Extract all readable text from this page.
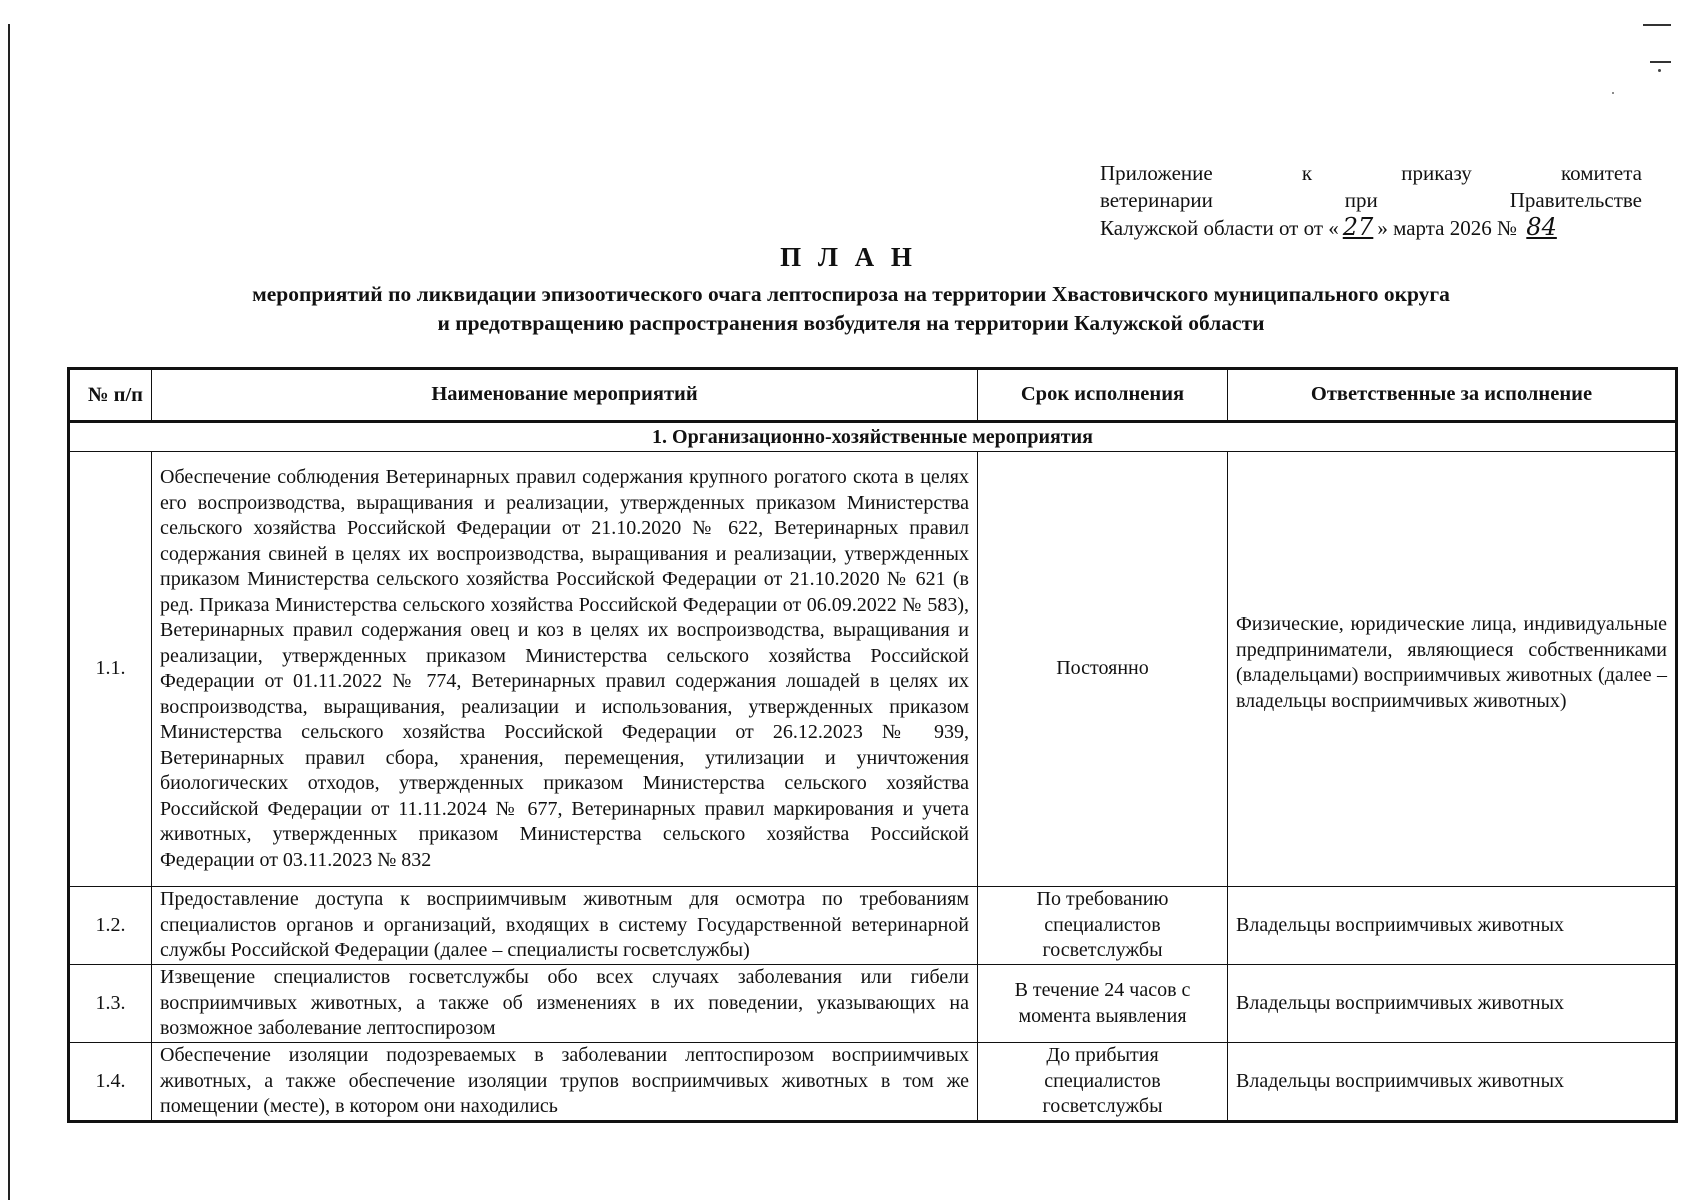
Приложение к приказу комитета
ветеринарии при Правительстве
Калужской области от от « 27 » марта 2026 № 84
П Л А Н
мероприятий по ликвидации эпизоотического очага лептоспироза на территории Хвастовичского муниципального округа
и предотвращению распространения возбудителя на территории Калужской области
№ п/п	Наименование мероприятий	Срок исполнения	Ответственные за исполнение
1. Организационно-хозяйственные мероприятия			
1.1.	Обеспечение соблюдения Ветеринарных правил содержания крупного рогатого скота в целях его воспроизводства, выращивания и реализации, утвержденных приказом Министерства сельского хозяйства Российской Федерации от 21.10.2020 № 622, Ветеринарных правил содержания свиней в целях их воспроизводства, выращивания и реализации, утвержденных приказом Министерства сельского хозяйства Российской Федерации от 21.10.2020 № 621 (в ред. Приказа Министерства сельского хозяйства Российской Федерации от 06.09.2022 № 583), Ветеринарных правил содержания овец и коз в целях их воспроизводства, выращивания и реализации, утвержденных приказом Министерства сельского хозяйства Российской Федерации от 01.11.2022 № 774, Ветеринарных правил содержания лошадей в целях их воспроизводства, выращивания, реализации и использования, утвержденных приказом Министерства сельского хозяйства Российской Федерации от 26.12.2023 № 939, Ветеринарных правил сбора, хранения, перемещения, утилизации и уничтожения биологических отходов, утвержденных приказом Министерства сельского хозяйства Российской Федерации от 11.11.2024 № 677, Ветеринарных правил маркирования и учета животных, утвержденных приказом Министерства сельского хозяйства Российской Федерации от 03.11.2023 № 832	Постоянно	Физические, юридические лица, индивидуальные предприниматели, являющиеся собственниками (владельцами) восприимчивых животных (далее – владельцы восприимчивых животных)
1.2.	Предоставление доступа к восприимчивым животным для осмотра по требованиям специалистов органов и организаций, входящих в систему Государственной ветеринарной службы Российской Федерации (далее – специалисты госветслужбы)	По требованию специалистов госветслужбы	Владельцы восприимчивых животных
1.3.	Извещение специалистов госветслужбы обо всех случаях заболевания или гибели восприимчивых животных, а также об изменениях в их поведении, указывающих на возможное заболевание лептоспирозом	В течение 24 часов с момента выявления	Владельцы восприимчивых животных
1.4.	Обеспечение изоляции подозреваемых в заболевании лептоспирозом восприимчивых животных, а также обеспечение изоляции трупов восприимчивых животных в том же помещении (месте), в котором они находились	До прибытия специалистов госветслужбы	Владельцы восприимчивых животных
